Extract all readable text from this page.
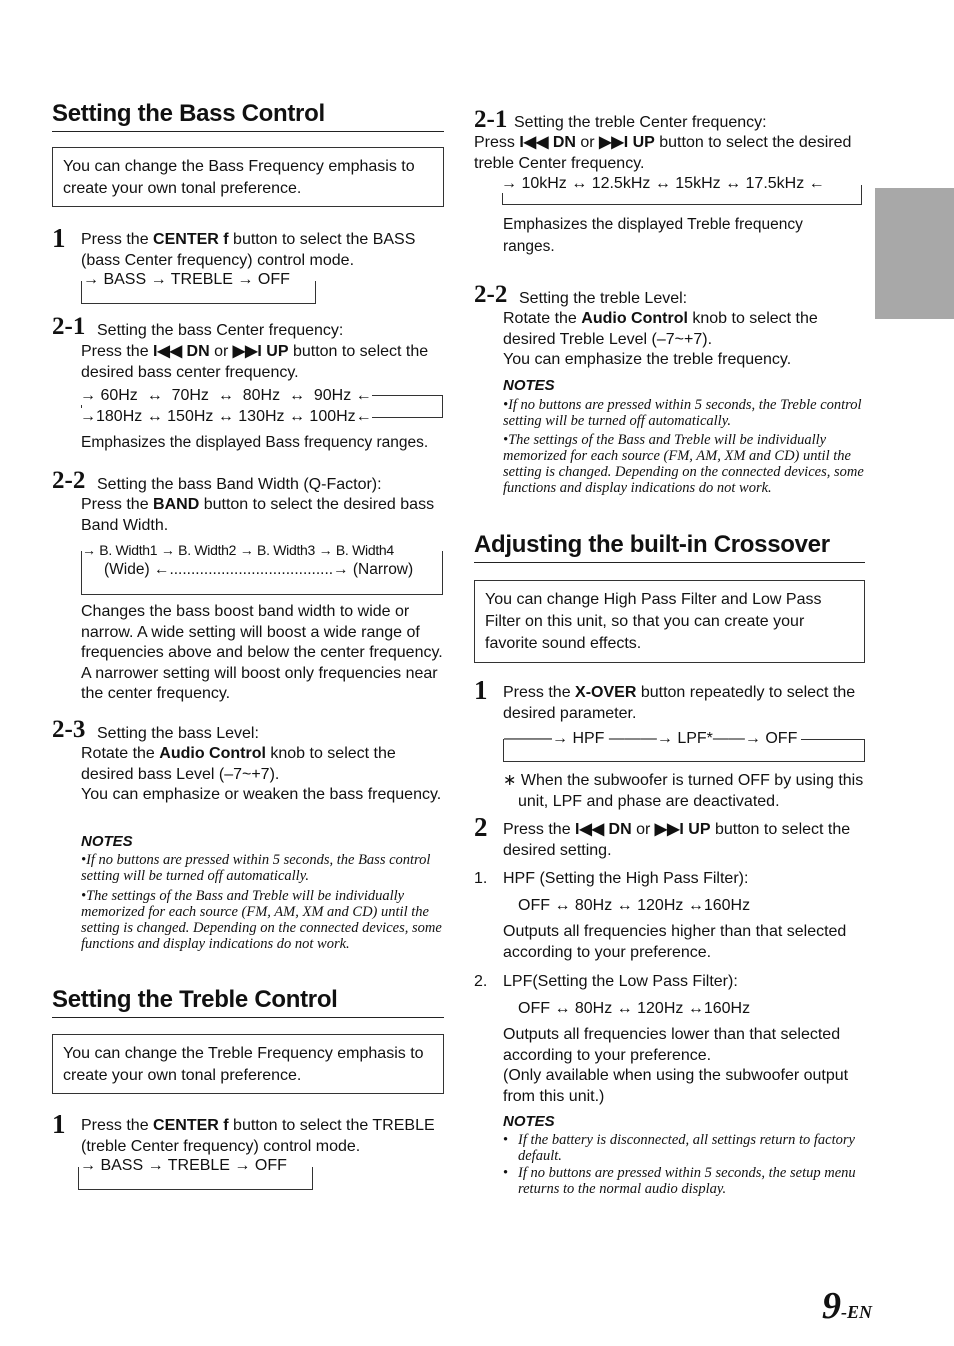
Setting the Bass Control
You can change the Bass Frequency emphasis to create your own tonal preference.
1 Press the CENTER f button to select the BASS (bass Center frequency) control mode.
→ BASS → TREBLE → OFF
2-1 Setting the bass Center frequency:
Press the I◀◀ DN or ▶▶I UP button to select the desired bass center frequency.
→ 60Hz  ↔  70Hz  ↔  80Hz  ↔  90Hz ←
→180Hz ↔ 150Hz ↔ 130Hz ↔ 100Hz←
Emphasizes the displayed Bass frequency ranges.
2-2 Setting the bass Band Width (Q-Factor):
Press the BAND button to select the desired bass Band Width.
→ B. Width1 → B. Width2 → B. Width3 → B. Width4
(Wide) ←......................................→ (Narrow)
Changes the bass boost band width to wide or narrow. A wide setting will boost a wide range of frequencies above and below the center frequency. A narrower setting will boost only frequencies near the center frequency.
2-3 Setting the bass Level:
Rotate the Audio Control knob to select the desired bass Level (–7~+7).
You can emphasize or weaken the bass frequency.
NOTES
•If no buttons are pressed within 5 seconds, the Bass control setting will be turned off automatically.
•The settings of the Bass and Treble will be individually memorized for each source (FM, AM, XM and CD) until the setting is changed. Depending on the connected devices, some functions and display indications do not work.
Setting the Treble Control
You can change the Treble Frequency emphasis to create your own tonal preference.
1 Press the CENTER f button to select the TREBLE (treble Center frequency) control mode.
→ BASS → TREBLE → OFF
2-1 Setting the treble Center frequency:
Press I◀◀ DN or ▶▶I UP button to select the desired treble Center frequency.
→ 10kHz ↔ 12.5kHz ↔ 15kHz ↔ 17.5kHz ←
Emphasizes the displayed Treble frequency ranges.
2-2 Setting the treble Level:
Rotate the Audio Control knob to select the desired Treble Level (–7~+7).
You can emphasize the treble frequency.
NOTES
•If no buttons are pressed within 5 seconds, the Treble control setting will be turned off automatically.
•The settings of the Bass and Treble will be individually memorized for each source (FM, AM, XM and CD) until the setting is changed. Depending on the connected devices, some functions and display indications do not work.
Adjusting the built-in Crossover
You can change High Pass Filter and Low Pass Filter on this unit, so that you can create your favorite sound effects.
1 Press the X-OVER button repeatedly to select the desired parameter.
———→ HPF ———→ LPF*——→ OFF
∗ When the subwoofer is turned OFF by using this unit, LPF and phase are deactivated.
2 Press the I◀◀ DN or ▶▶I UP button to select the desired setting.
1. HPF (Setting the High Pass Filter):
OFF ↔ 80Hz ↔ 120Hz ↔160Hz
Outputs all frequencies higher than that selected according to your preference.
2. LPF(Setting the Low Pass Filter):
OFF ↔ 80Hz ↔ 120Hz ↔160Hz
Outputs all frequencies lower than that selected according to your preference.
(Only available when using the subwoofer output from this unit.)
NOTES
• If the battery is disconnected, all settings return to factory default.
• If no buttons are pressed within 5 seconds, the setup menu returns to the normal audio display.
9-EN
